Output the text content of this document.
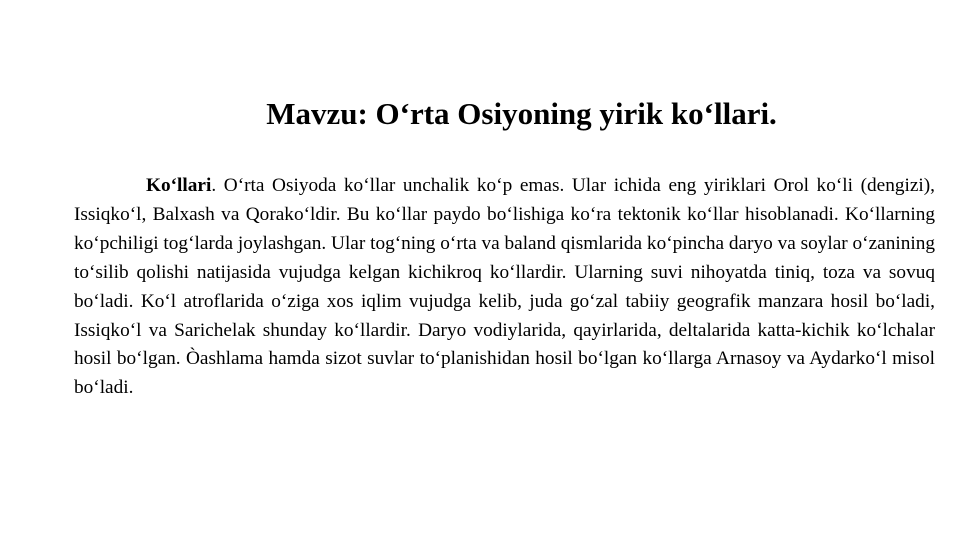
Mavzu: O‘rta Osiyoning yirik ko‘llari.

Ko‘llari. O‘rta Osiyoda ko‘llar unchalik ko‘p emas. Ular ichida eng yiriklari Orol ko‘li (dengizi), Issiqko‘l, Balxash va Qorako‘ldir. Bu ko‘llar paydo bo‘lishiga ko‘ra tektonik ko‘llar hisoblanadi. Ko‘llarning ko‘pchiligi tog‘larda joylashgan. Ular tog‘ning o‘rta va baland qismlarida ko‘pincha daryo va soylar o‘zanining to‘silib qolishi natijasida vujudga kelgan kichikroq ko‘llardir. Ularning suvi nihoyatda tiniq, toza va sovuq bo‘ladi. Ko‘l atroflarida o‘ziga xos iqlim vujudga kelib, juda go‘zal tabiiy geografik manzara hosil bo‘ladi, Issiqko‘l va Sarichelak shunday ko‘llardir. Daryo vodiylarida, qayirlarida, deltalarida katta-kichik ko‘lchalar hosil bo‘lgan. Òashlama hamda sizot suvlar to‘planishidan hosil bo‘lgan ko‘llarga Arnasoy va Aydarko‘l misol bo‘ladi.
